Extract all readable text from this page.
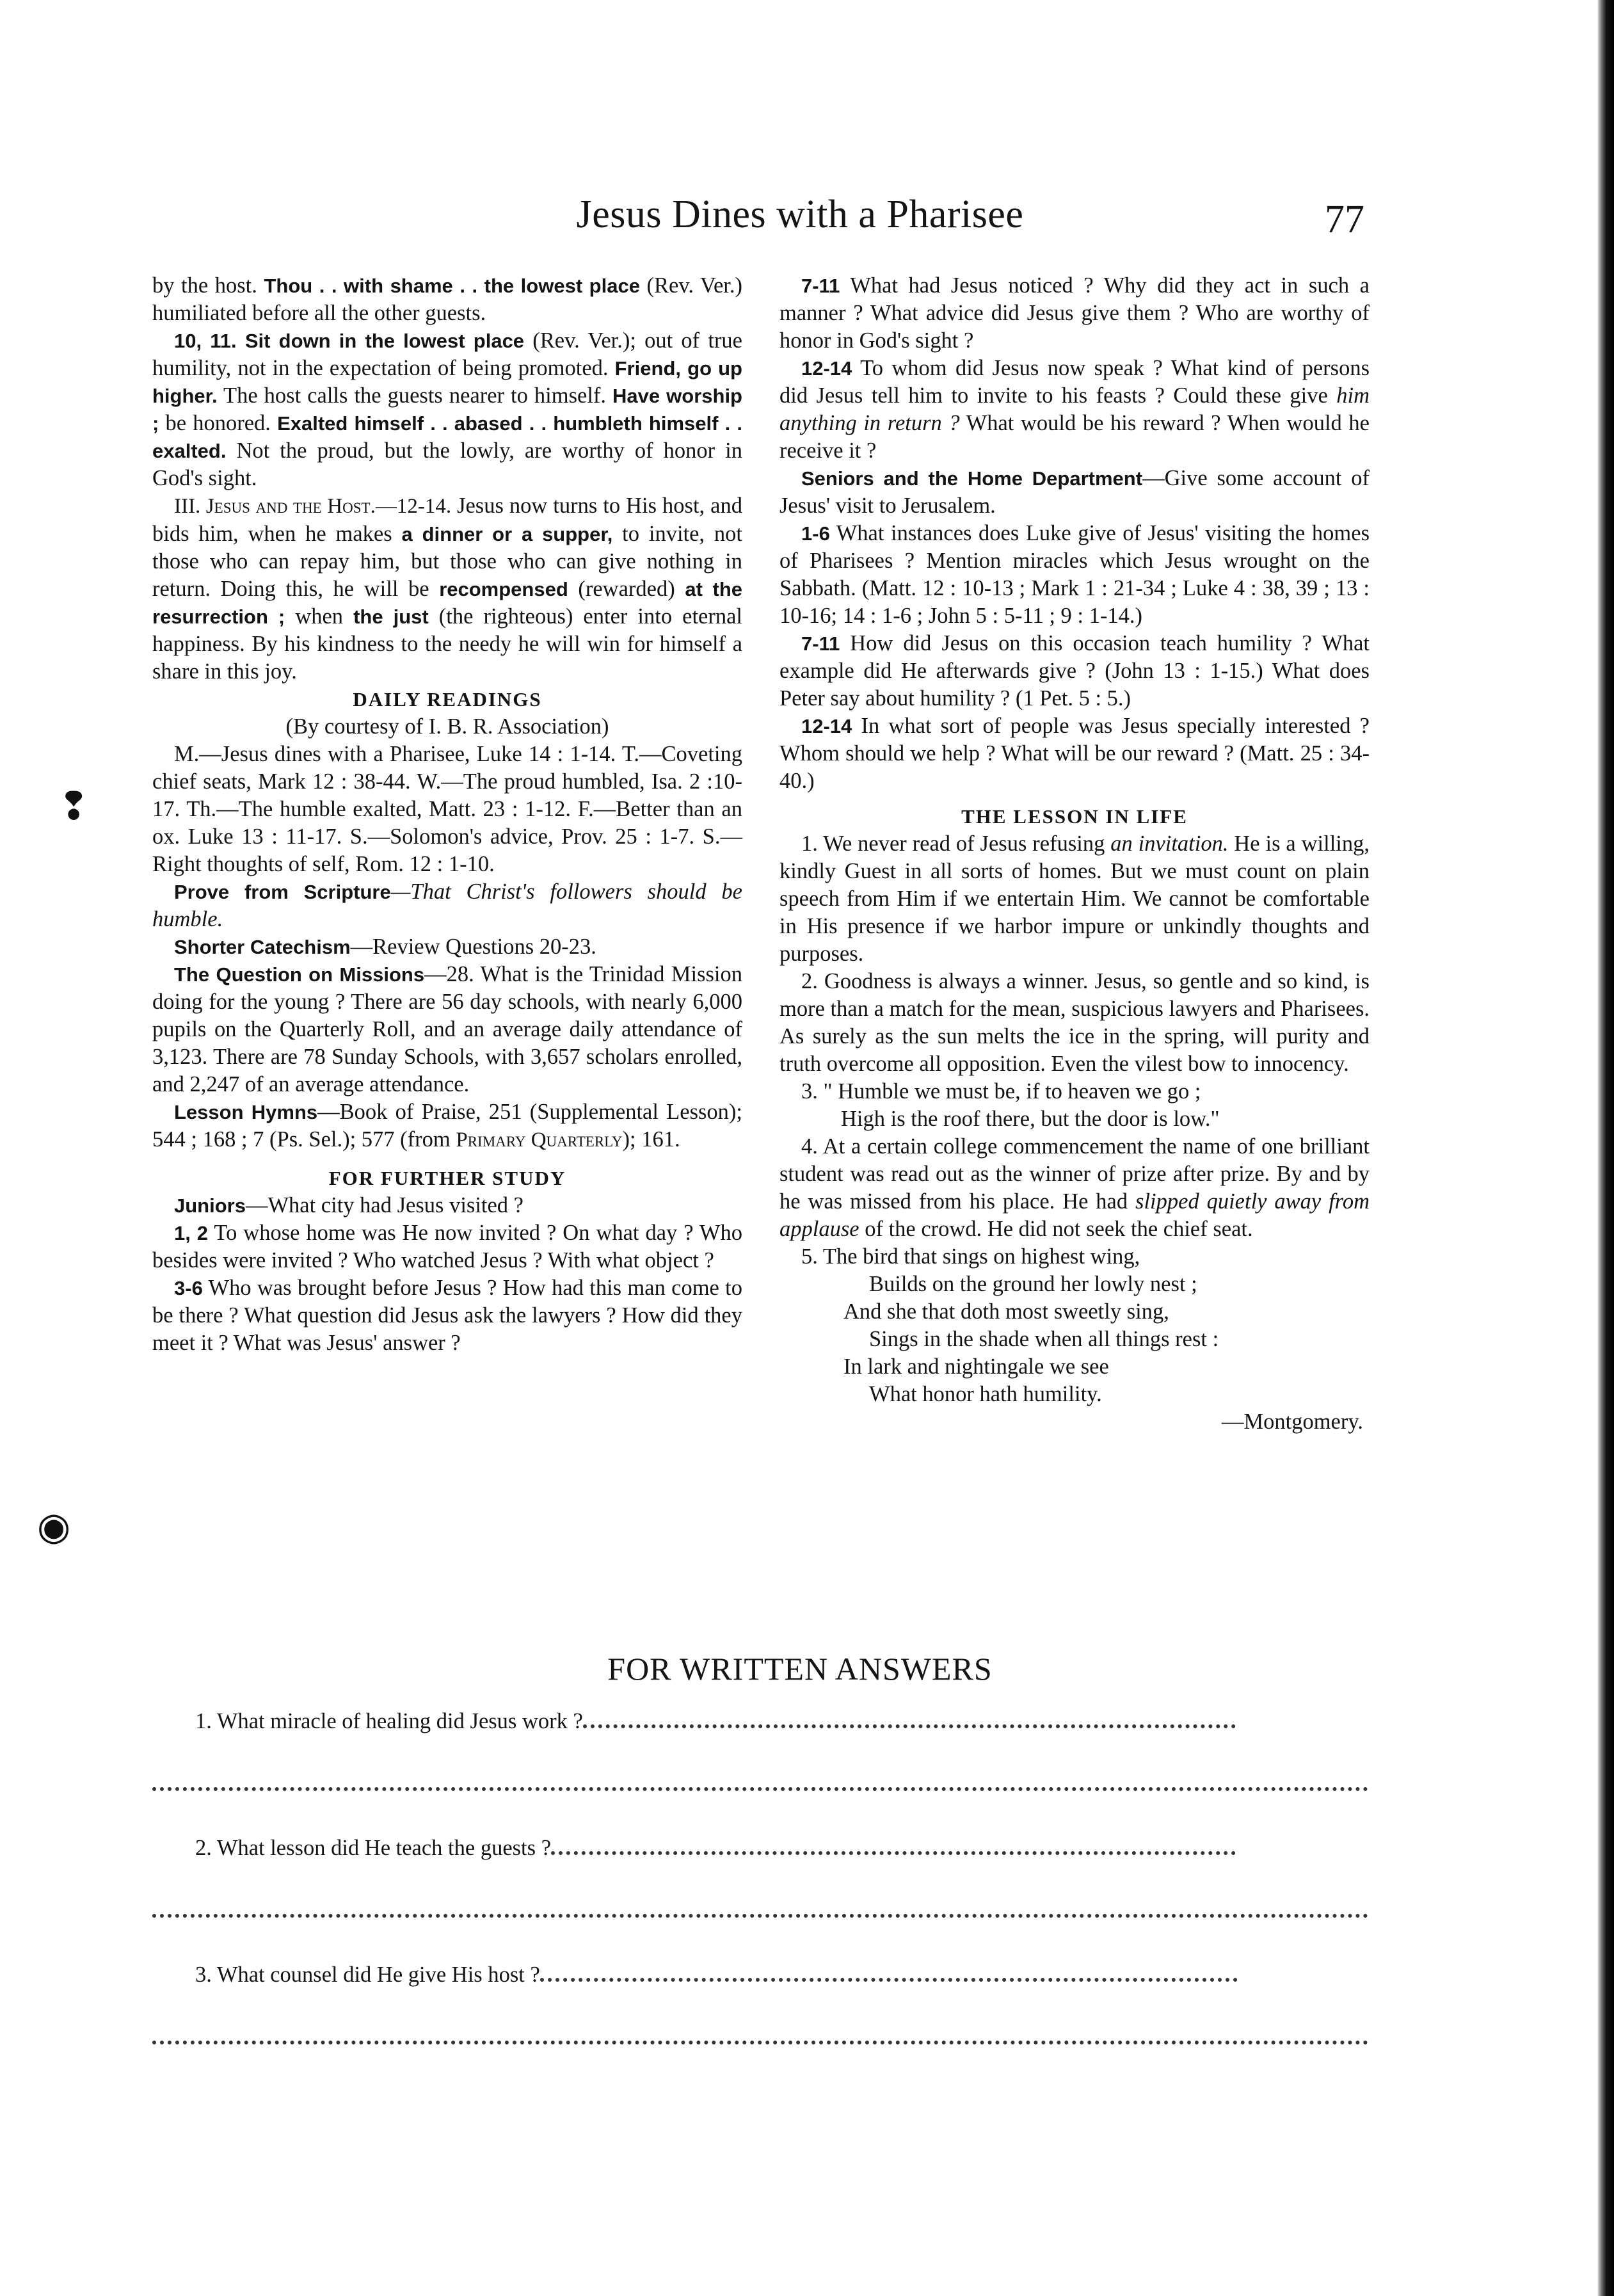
❢
◉
Jesus Dines with a Pharisee	77

by the host. Thou . . with shame . . the lowest place (Rev. Ver.) humiliated before all the other guests.

10, 11. Sit down in the lowest place (Rev. Ver.); out of true humility, not in the expectation of being promoted. Friend, go up higher. The host calls the guests nearer to himself. Have worship ; be honored. Exalted himself . . abased . . humbleth himself . . exalted. Not the proud, but the lowly, are worthy of honor in God's sight.

III. Jesus and the Host.—12-14. Jesus now turns to His host, and bids him, when he makes a dinner or a supper, to invite, not those who can repay him, but those who can give nothing in return. Doing this, he will be recompensed (rewarded) at the resurrection ; when the just (the righteous) enter into eternal happiness. By his kindness to the needy he will win for himself a share in this joy.

DAILY READINGS

(By courtesy of I. B. R. Association)

M.—Jesus dines with a Pharisee, Luke 14 : 1-14. T.—Coveting chief seats, Mark 12 : 38-44. W.—The proud humbled, Isa. 2 :10-17. Th.—The humble exalted, Matt. 23 : 1-12. F.—Better than an ox. Luke 13 : 11-17. S.—Solomon's advice, Prov. 25 : 1-7. S.—Right thoughts of self, Rom. 12 : 1-10.

Prove from Scripture—That Christ's followers should be humble.

Shorter Catechism—Review Questions 20-23.

The Question on Missions—28. What is the Trinidad Mission doing for the young ? There are 56 day schools, with nearly 6,000 pupils on the Quarterly Roll, and an average daily attendance of 3,123. There are 78 Sunday Schools, with 3,657 scholars enrolled, and 2,247 of an average attendance.

Lesson Hymns—Book of Praise, 251 (Supplemental Lesson); 544 ; 168 ; 7 (Ps. Sel.); 577 (from Primary Quarterly); 161.

FOR FURTHER STUDY

Juniors—What city had Jesus visited ?

1, 2 To whose home was He now invited ? On what day ? Who besides were invited ? Who watched Jesus ? With what object ?

3-6 Who was brought before Jesus ? How had this man come to be there ? What question did Jesus ask the lawyers ? How did they meet it ? What was Jesus' answer ?

7-11 What had Jesus noticed ? Why did they act in such a manner ? What advice did Jesus give them ? Who are worthy of honor in God's sight ?

12-14 To whom did Jesus now speak ? What kind of persons did Jesus tell him to invite to his feasts ? Could these give him anything in return ? What would be his reward ? When would he receive it ?

Seniors and the Home Department—Give some account of Jesus' visit to Jerusalem.

1-6 What instances does Luke give of Jesus' visiting the homes of Pharisees ? Mention miracles which Jesus wrought on the Sabbath. (Matt. 12 : 10-13 ; Mark 1 : 21-34 ; Luke 4 : 38, 39 ; 13 : 10-16; 14 : 1-6 ; John 5 : 5-11 ; 9 : 1-14.)

7-11 How did Jesus on this occasion teach humility ? What example did He afterwards give ? (John 13 : 1-15.) What does Peter say about humility ? (1 Pet. 5 : 5.)

12-14 In what sort of people was Jesus specially interested ? Whom should we help ? What will be our reward ? (Matt. 25 : 34-40.)

THE LESSON IN LIFE

1. We never read of Jesus refusing an invitation. He is a willing, kindly Guest in all sorts of homes. But we must count on plain speech from Him if we entertain Him. We cannot be comfortable in His presence if we harbor impure or unkindly thoughts and purposes.

2. Goodness is always a winner. Jesus, so gentle and so kind, is more than a match for the mean, suspicious lawyers and Pharisees. As surely as the sun melts the ice in the spring, will purity and truth overcome all opposition. Even the vilest bow to innocency.

3. " Humble we must be, if to heaven we go ;

High is the roof there, but the door is low."

4. At a certain college commencement the name of one brilliant student was read out as the winner of prize after prize. By and by he was missed from his place. He had slipped quietly away from applause of the crowd. He did not seek the chief seat.

5. The bird that sings on highest wing,

Builds on the ground her lowly nest ;

And she that doth most sweetly sing,

Sings in the shade when all things rest :

In lark and nightingale we see

What honor hath humility.

—Montgomery.

FOR WRITTEN ANSWERS
1. What miracle of healing did Jesus work ?
2. What lesson did He teach the guests ?
3. What counsel did He give His host ?
